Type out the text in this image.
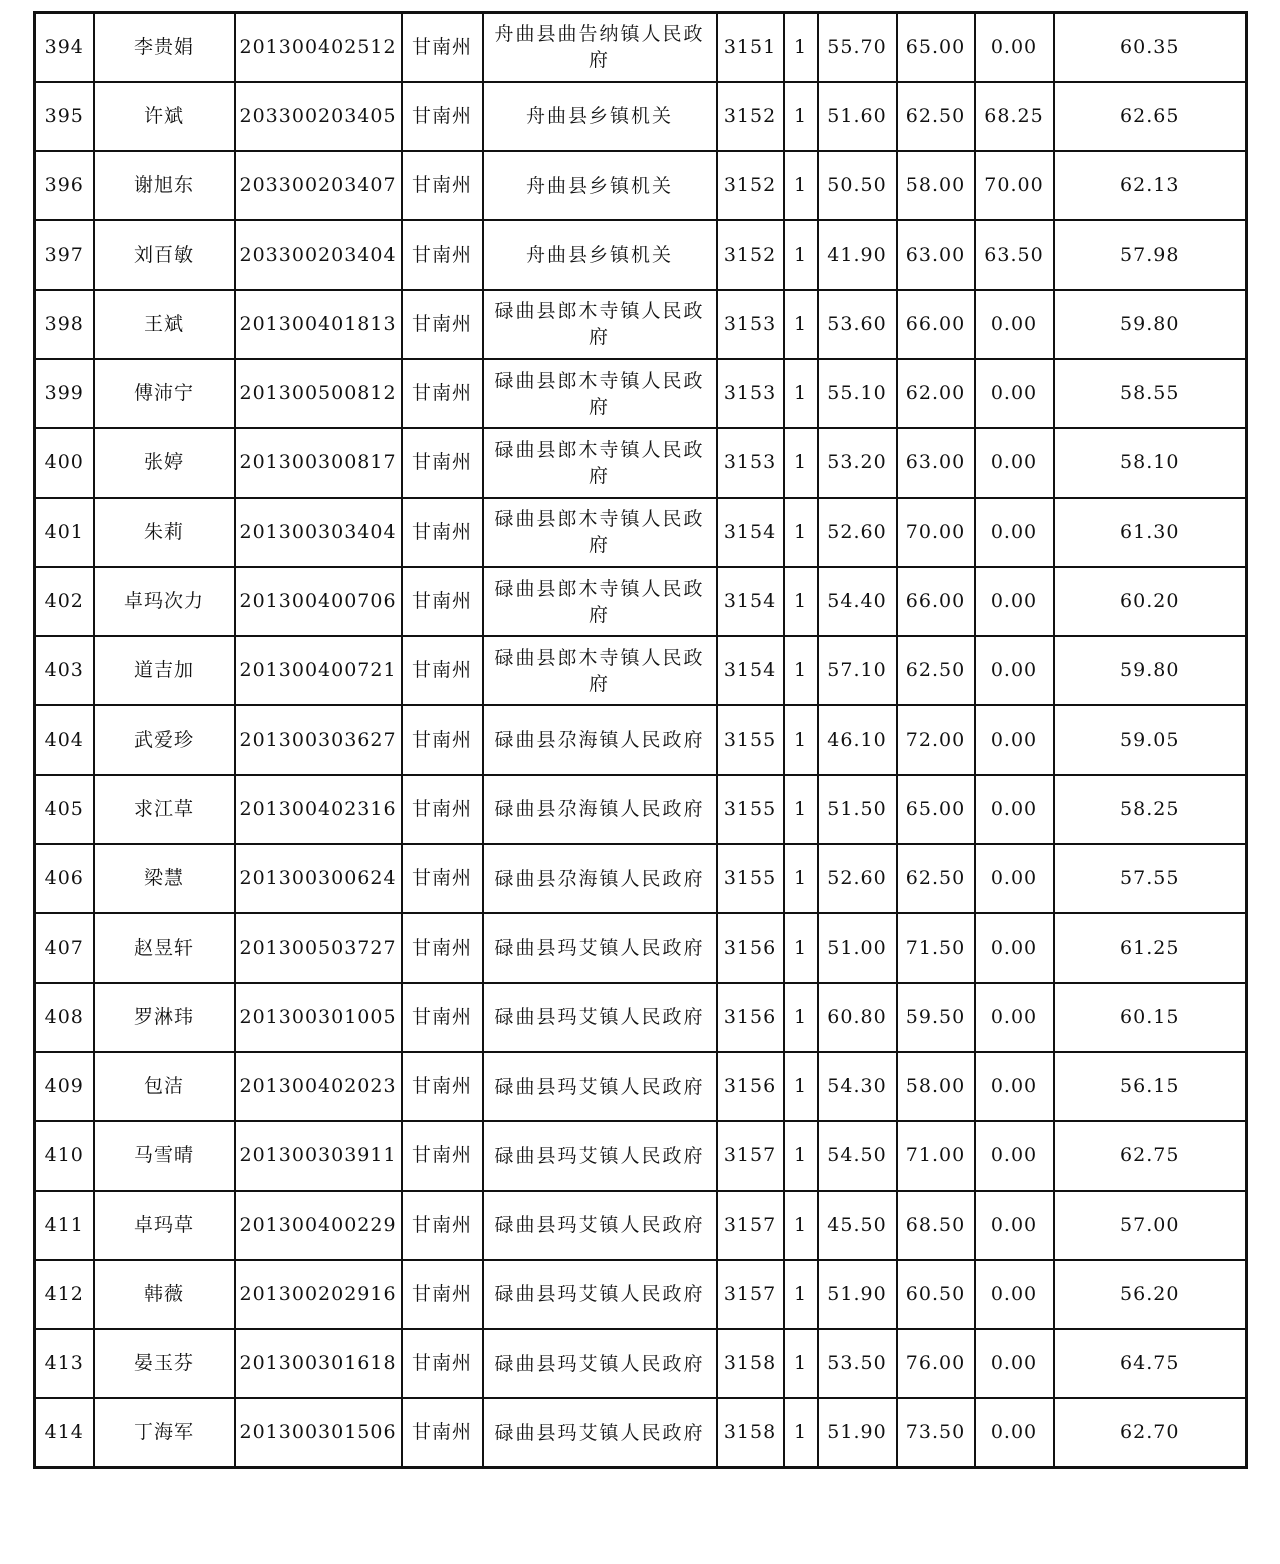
394	李贵娟	201300402512	甘南州	舟曲县曲告纳镇人民政府	3151	1	55.70	65.00	0.00	60.35
395	许斌	203300203405	甘南州	舟曲县乡镇机关	3152	1	51.60	62.50	68.25	62.65
396	谢旭东	203300203407	甘南州	舟曲县乡镇机关	3152	1	50.50	58.00	70.00	62.13
397	刘百敏	203300203404	甘南州	舟曲县乡镇机关	3152	1	41.90	63.00	63.50	57.98
398	王斌	201300401813	甘南州	碌曲县郎木寺镇人民政府	3153	1	53.60	66.00	0.00	59.80
399	傅沛宁	201300500812	甘南州	碌曲县郎木寺镇人民政府	3153	1	55.10	62.00	0.00	58.55
400	张婷	201300300817	甘南州	碌曲县郎木寺镇人民政府	3153	1	53.20	63.00	0.00	58.10
401	朱莉	201300303404	甘南州	碌曲县郎木寺镇人民政府	3154	1	52.60	70.00	0.00	61.30
402	卓玛次力	201300400706	甘南州	碌曲县郎木寺镇人民政府	3154	1	54.40	66.00	0.00	60.20
403	道吉加	201300400721	甘南州	碌曲县郎木寺镇人民政府	3154	1	57.10	62.50	0.00	59.80
404	武爱珍	201300303627	甘南州	碌曲县尕海镇人民政府	3155	1	46.10	72.00	0.00	59.05
405	求江草	201300402316	甘南州	碌曲县尕海镇人民政府	3155	1	51.50	65.00	0.00	58.25
406	梁慧	201300300624	甘南州	碌曲县尕海镇人民政府	3155	1	52.60	62.50	0.00	57.55
407	赵昱轩	201300503727	甘南州	碌曲县玛艾镇人民政府	3156	1	51.00	71.50	0.00	61.25
408	罗淋玮	201300301005	甘南州	碌曲县玛艾镇人民政府	3156	1	60.80	59.50	0.00	60.15
409	包洁	201300402023	甘南州	碌曲县玛艾镇人民政府	3156	1	54.30	58.00	0.00	56.15
410	马雪晴	201300303911	甘南州	碌曲县玛艾镇人民政府	3157	1	54.50	71.00	0.00	62.75
411	卓玛草	201300400229	甘南州	碌曲县玛艾镇人民政府	3157	1	45.50	68.50	0.00	57.00
412	韩薇	201300202916	甘南州	碌曲县玛艾镇人民政府	3157	1	51.90	60.50	0.00	56.20
413	晏玉芬	201300301618	甘南州	碌曲县玛艾镇人民政府	3158	1	53.50	76.00	0.00	64.75
414	丁海军	201300301506	甘南州	碌曲县玛艾镇人民政府	3158	1	51.90	73.50	0.00	62.70
